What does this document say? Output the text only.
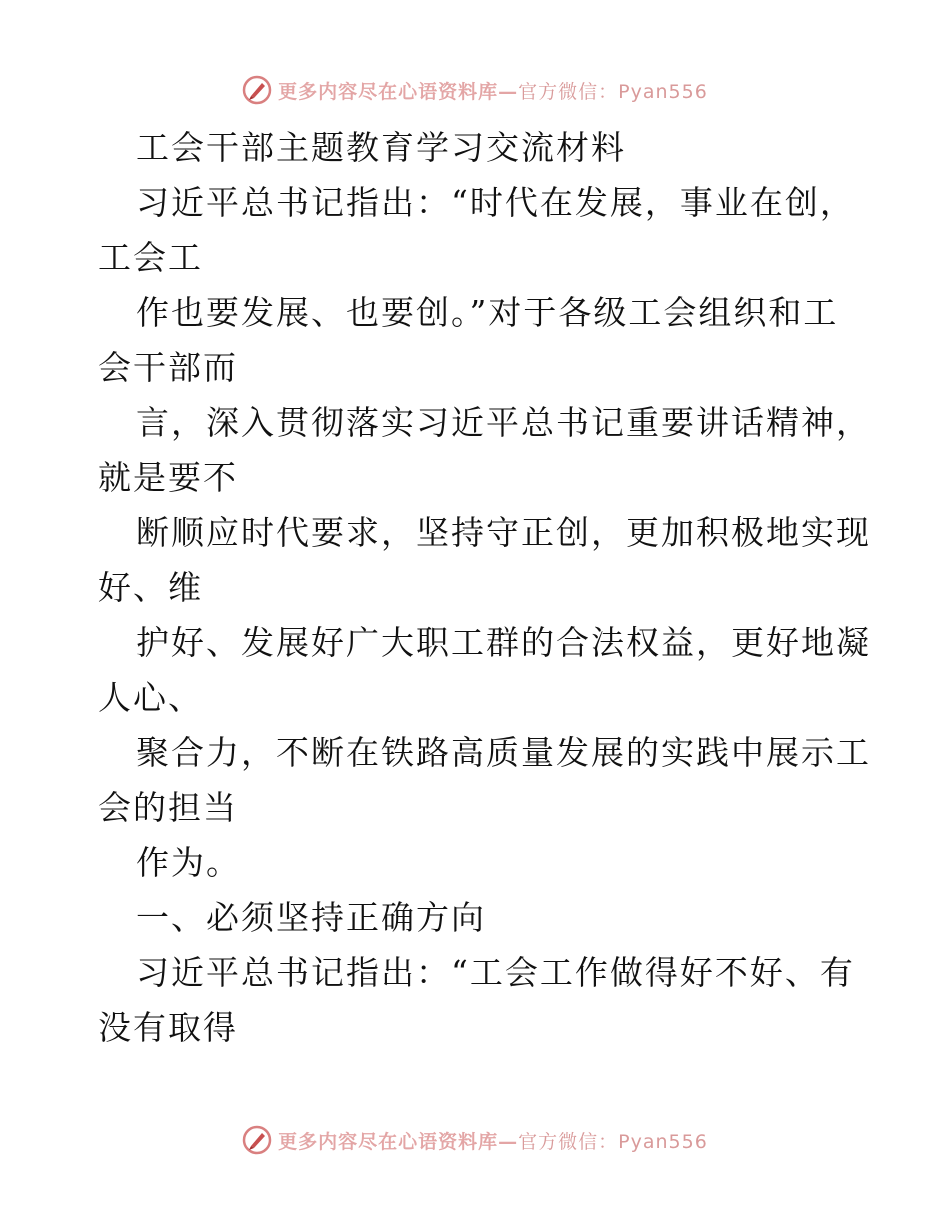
更多内容尽在心语资料库—官方微信：Pyan556
工会干部主题教育学习交流材料
习近平总书记指出：“时代在发展，事业在创，
工会工
作也要发展、也要创。”对于各级工会组织和工
会干部而
言，深入贯彻落实习近平总书记重要讲话精神，
就是要不
断顺应时代要求，坚持守正创，更加积极地实现
好、维
护好、发展好广大职工群的合法权益，更好地凝
人心、
聚合力，不断在铁路高质量发展的实践中展示工
会的担当
作为。
一、必须坚持正确方向
习近平总书记指出：“工会工作做得好不好、有
没有取得
更多内容尽在心语资料库—官方微信：Pyan556
